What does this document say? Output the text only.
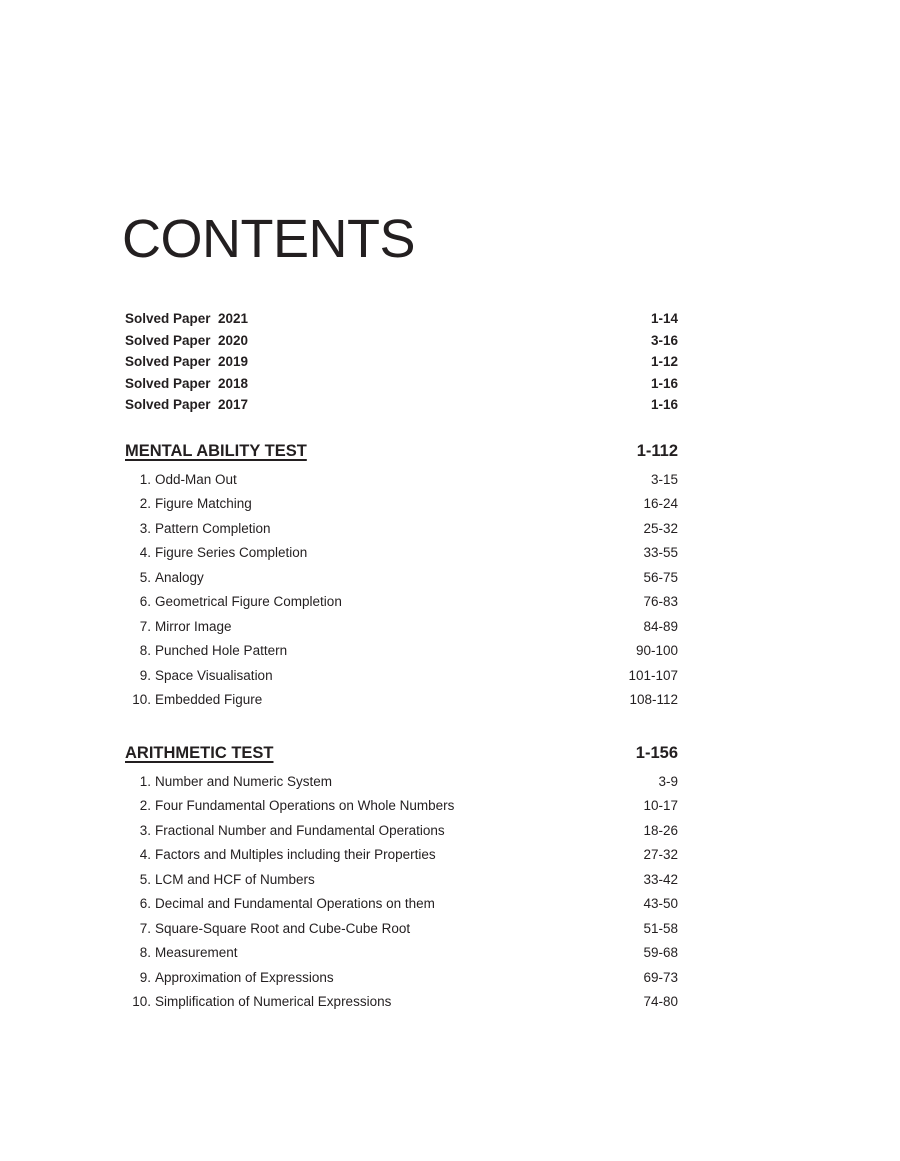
CONTENTS
Solved Paper  2021	1-14
Solved Paper  2020	3-16
Solved Paper  2019	1-12
Solved Paper  2018	1-16
Solved Paper  2017	1-16
MENTAL ABILITY TEST	1-112
1. Odd-Man Out	3-15
2. Figure Matching	16-24
3. Pattern Completion	25-32
4. Figure Series Completion	33-55
5. Analogy	56-75
6. Geometrical Figure Completion	76-83
7. Mirror Image	84-89
8. Punched Hole Pattern	90-100
9. Space Visualisation	101-107
10. Embedded Figure	108-112
ARITHMETIC TEST	1-156
1. Number and Numeric System	3-9
2. Four Fundamental Operations on Whole Numbers	10-17
3. Fractional Number and Fundamental Operations	18-26
4. Factors and Multiples including their Properties	27-32
5. LCM and HCF of Numbers	33-42
6. Decimal and Fundamental Operations on them	43-50
7. Square-Square Root and Cube-Cube Root	51-58
8. Measurement	59-68
9. Approximation of Expressions	69-73
10. Simplification of Numerical Expressions	74-80
